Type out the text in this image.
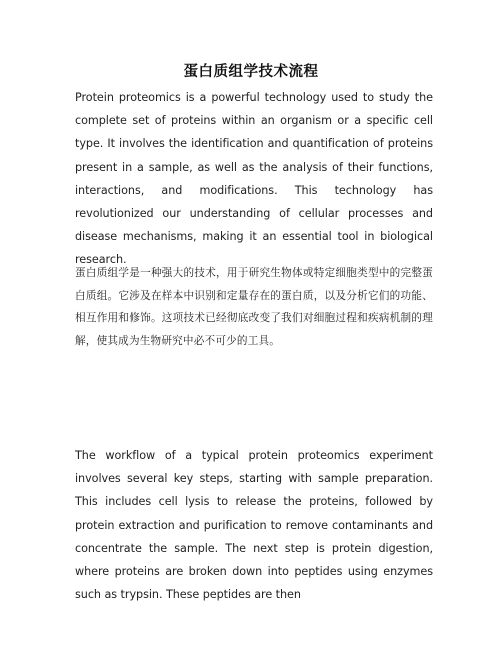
蛋白质组学技术流程

Protein proteomics is a powerful technology used to study the complete set of proteins within an organism or a specific cell type. It involves the identification and quantification of proteins present in a sample, as well as the analysis of their functions, interactions, and modifications. This technology has revolutionized our understanding of cellular processes and disease mechanisms, making it an essential tool in biological research.

蛋白质组学是一种强大的技术，用于研究生物体或特定细胞类型中的完整蛋白质组。它涉及在样本中识别和定量存在的蛋白质，以及分析它们的功能、相互作用和修饰。这项技术已经彻底改变了我们对细胞过程和疾病机制的理解，使其成为生物研究中必不可少的工具。

The workflow of a typical protein proteomics experiment involves several key steps, starting with sample preparation. This includes cell lysis to release the proteins, followed by protein extraction and purification to remove contaminants and concentrate the sample. The next step is protein digestion, where proteins are broken down into peptides using enzymes such as trypsin. These peptides are then
